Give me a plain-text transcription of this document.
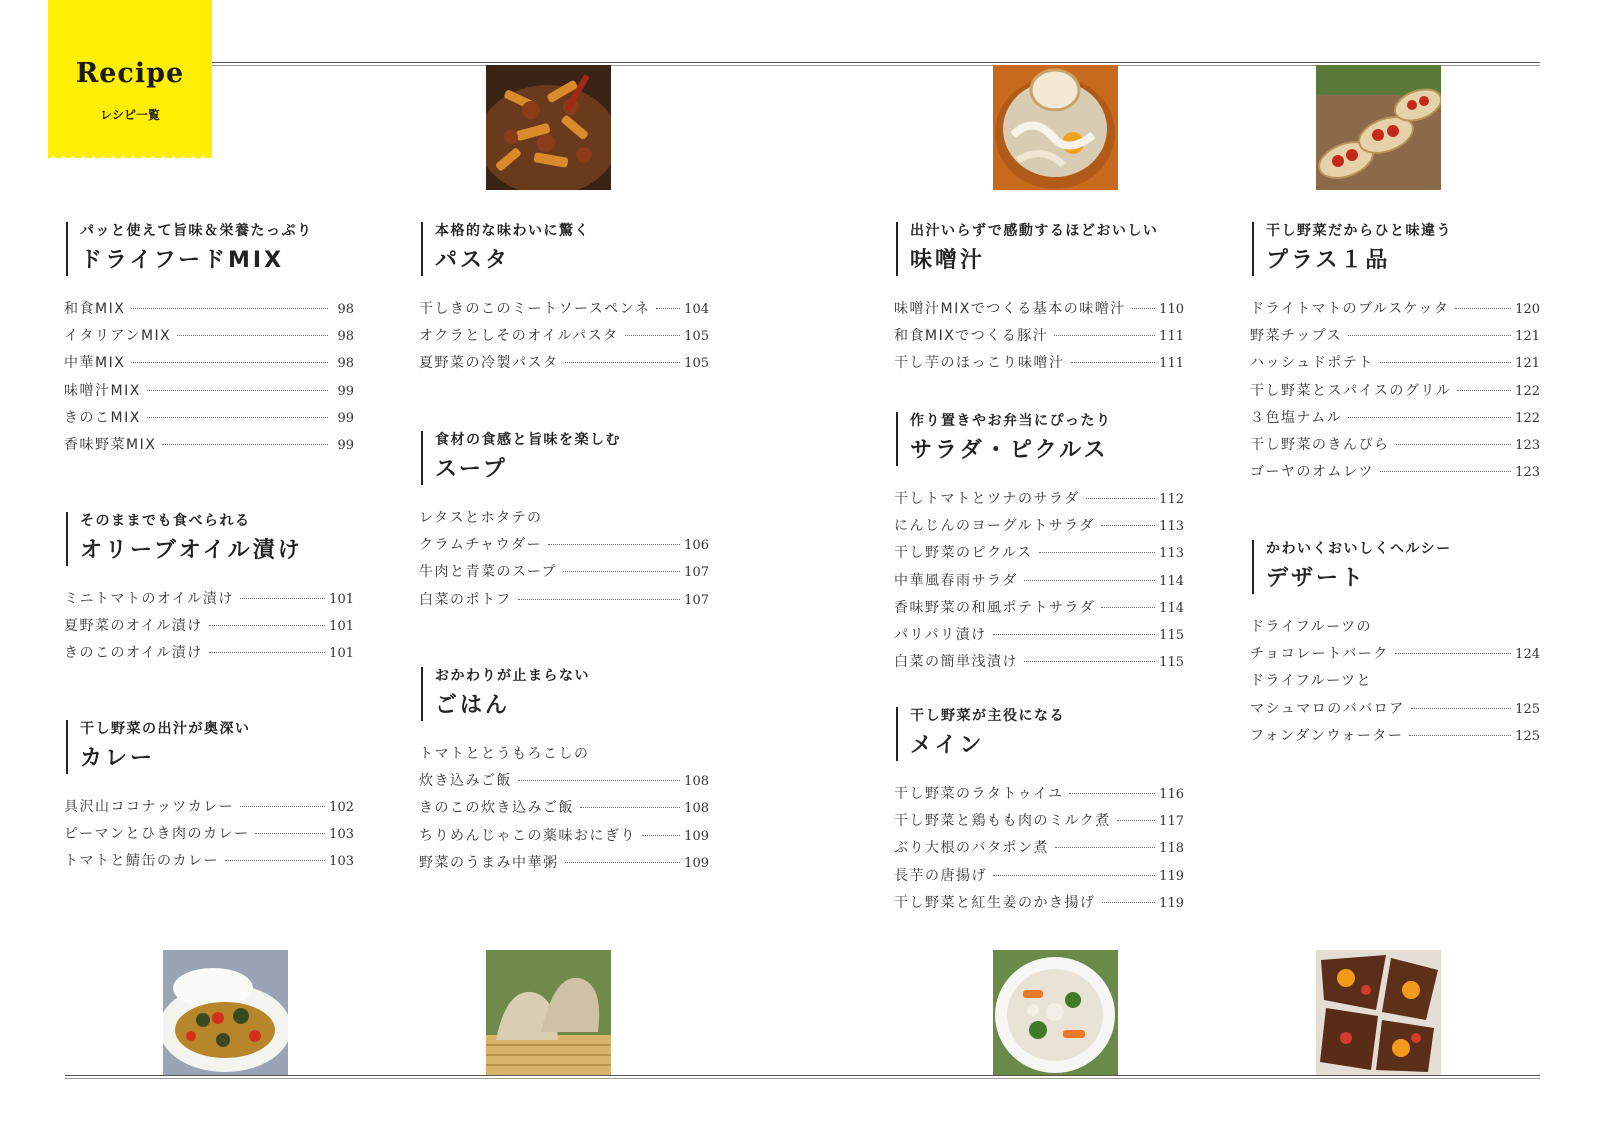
Recipe
レシピ一覧
パッと使えて旨味＆栄養たっぷり
ドライフードMIX
和食MIX	98
イタリアンMIX	98
中華MIX	98
味噌汁MIX	99
きのこMIX	99
香味野菜MIX	99
そのままでも食べられる
オリーブオイル漬け
ミニトマトのオイル漬け	101
夏野菜のオイル漬け	101
きのこのオイル漬け	101
干し野菜の出汁が奥深い
カレー
具沢山ココナッツカレー	102
ピーマンとひき肉のカレー	103
トマトと鯖缶のカレー	103
本格的な味わいに驚く
パスタ
干しきのこのミートソースペンネ	104
オクラとしそのオイルパスタ	105
夏野菜の冷製パスタ	105
食材の食感と旨味を楽しむ
スープ
レタスとホタテの
クラムチャウダー	106
牛肉と青菜のスープ	107
白菜のポトフ	107
おかわりが止まらない
ごはん
トマトととうもろこしの
炊き込みご飯	108
きのこの炊き込みご飯	108
ちりめんじゃこの薬味おにぎり	109
野菜のうまみ中華粥	109
出汁いらずで感動するほどおいしい
味噌汁
味噌汁MIXでつくる基本の味噌汁	110
和食MIXでつくる豚汁	111
干し芋のほっこり味噌汁	111
作り置きやお弁当にぴったり
サラダ・ピクルス
干しトマトとツナのサラダ	112
にんじんのヨーグルトサラダ	113
干し野菜のピクルス	113
中華風春雨サラダ	114
香味野菜の和風ポテトサラダ	114
パリパリ漬け	115
白菜の簡単浅漬け	115
干し野菜が主役になる
メイン
干し野菜のラタトゥイユ	116
干し野菜と鶏もも肉のミルク煮	117
ぶり大根のバタポン煮	118
長芋の唐揚げ	119
干し野菜と紅生姜のかき揚げ	119
干し野菜だからひと味違う
プラス１品
ドライトマトのブルスケッタ	120
野菜チップス	121
ハッシュドポテト	121
干し野菜とスパイスのグリル	122
３色塩ナムル	122
干し野菜のきんぴら	123
ゴーヤのオムレツ	123
かわいくおいしくヘルシー
デザート
ドライフルーツの
チョコレートバーク	124
ドライフルーツと
マシュマロのババロア	125
フォンダンウォーター	125
